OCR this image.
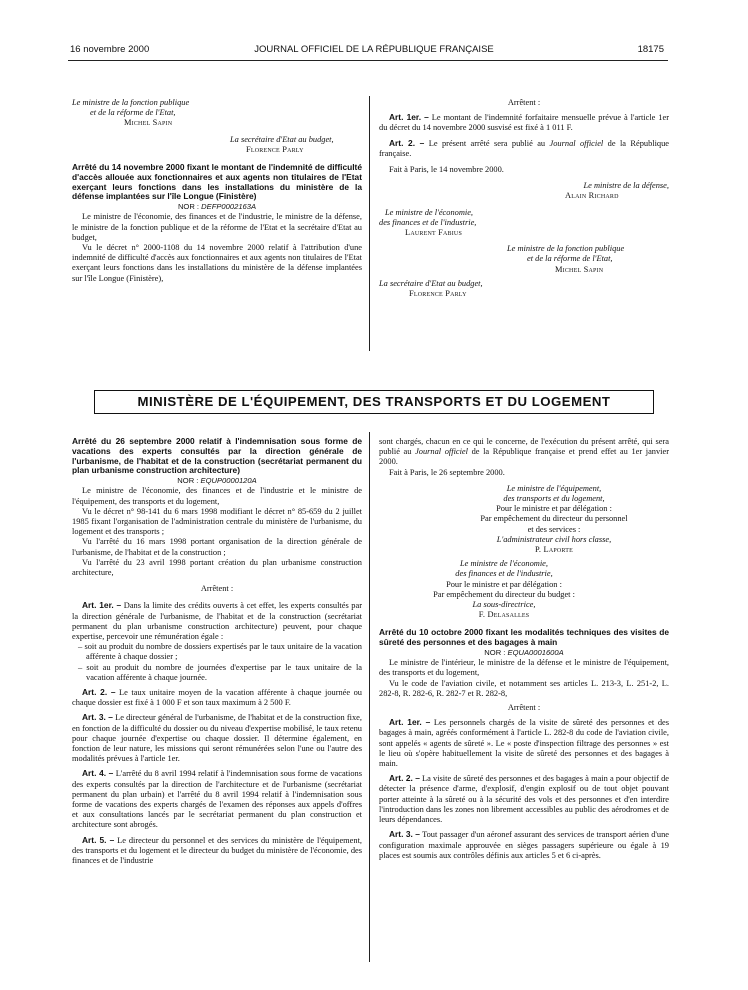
16 novembre 2000	JOURNAL OFFICIEL DE LA RÉPUBLIQUE FRANÇAISE	18175

Le ministre de la fonction publique

et de la réforme de l'Etat,

Michel Sapin

La secrétaire d'Etat au budget,

Florence Parly

Arrêté du 14 novembre 2000 fixant le montant de l'indemnité de difficulté d'accès allouée aux fonctionnaires et aux agents non titulaires de l'Etat exerçant leurs fonctions dans les installations du ministère de la défense implantées sur l'île Longue (Finistère)

NOR : DEFP0002163A

Le ministre de l'économie, des finances et de l'industrie, le ministre de la défense, le ministre de la fonction publique et de la réforme de l'Etat et la secrétaire d'Etat au budget,

Vu le décret n° 2000-1108 du 14 novembre 2000 relatif à l'attribution d'une indemnité de difficulté d'accès aux fonctionnaires et aux agents non titulaires de l'Etat exerçant leurs fonctions dans les installations du ministère de la défense implantées sur l'île Longue (Finistère),

Arrêtent :

Art. 1er. – Le montant de l'indemnité forfaitaire mensuelle prévue à l'article 1er du décret du 14 novembre 2000 susvisé est fixé à 1 011 F.

Art. 2. – Le présent arrêté sera publié au Journal officiel de la République française.

Fait à Paris, le 14 novembre 2000.

Le ministre de la défense,

Alain Richard

Le ministre de l'économie,

des finances et de l'industrie,

Laurent Fabius

Le ministre de la fonction publique

et de la réforme de l'Etat,

Michel Sapin

La secrétaire d'Etat au budget,

Florence Parly

MINISTÈRE DE L'ÉQUIPEMENT, DES TRANSPORTS ET DU LOGEMENT

Arrêté du 26 septembre 2000 relatif à l'indemnisation sous forme de vacations des experts consultés par la direction générale de l'urbanisme, de l'habitat et de la construction (secrétariat permanent du plan urbanisme construction architecture)

NOR : EQUP0000120A

Le ministre de l'économie, des finances et de l'industrie et le ministre de l'équipement, des transports et du logement,

Vu le décret n° 98-141 du 6 mars 1998 modifiant le décret n° 85-659 du 2 juillet 1985 fixant l'organisation de l'administration centrale du ministère de l'urbanisme, du logement et des transports ;

Vu l'arrêté du 16 mars 1998 portant organisation de la direction générale de l'urbanisme, de l'habitat et de la construction ;

Vu l'arrêté du 23 avril 1998 portant création du plan urbanisme construction architecture,

Arrêtent :

Art. 1er. – Dans la limite des crédits ouverts à cet effet, les experts consultés par la direction générale de l'urbanisme, de l'habitat et de la construction (secrétariat permanent du plan urbanisme construction architecture) peuvent, pour chaque expertise, percevoir une rémunération égale :

– soit au produit du nombre de dossiers expertisés par le taux unitaire de la vacation afférente à chaque dossier ;

– soit au produit du nombre de journées d'expertise par le taux unitaire de la vacation afférente à chaque journée.

Art. 2. – Le taux unitaire moyen de la vacation afférente à chaque journée ou chaque dossier est fixé à 1 000 F et son taux maximum à 2 500 F.

Art. 3. – Le directeur général de l'urbanisme, de l'habitat et de la construction fixe, en fonction de la difficulté du dossier ou du niveau d'expertise mobilisé, le taux retenu pour chaque journée d'expertise ou chaque dossier. Il détermine également, en fonction de leur nature, les missions qui seront rémunérées selon l'une ou l'autre des modalités prévues à l'article 1er.

Art. 4. – L'arrêté du 8 avril 1994 relatif à l'indemnisation sous forme de vacations des experts consultés par la direction de l'architecture et de l'urbanisme (secrétariat permanent du plan urbain) et l'arrêté du 8 avril 1994 relatif à l'indemnisation sous forme de vacations des experts chargés de l'examen des réponses aux appels d'offres et aux consultations lancés par le secrétariat permanent du plan construction et architecture sont abrogés.

Art. 5. – Le directeur du personnel et des services du ministère de l'équipement, des transports et du logement et le directeur du budget du ministère de l'économie, des finances et de l'industrie

sont chargés, chacun en ce qui le concerne, de l'exécution du présent arrêté, qui sera publié au Journal officiel de la République française et prend effet au 1er janvier 2000.

Fait à Paris, le 26 septembre 2000.

Le ministre de l'équipement,

des transports et du logement,

Pour le ministre et par délégation :

Par empêchement du directeur du personnel

et des services :

L'administrateur civil hors classe,

P. Laporte

Le ministre de l'économie,

des finances et de l'industrie,

Pour le ministre et par délégation :

Par empêchement du directeur du budget :

La sous-directrice,

F. Delasalles

Arrêté du 10 octobre 2000 fixant les modalités techniques des visites de sûreté des personnes et des bagages à main

NOR : EQUA0001600A

Le ministre de l'intérieur, le ministre de la défense et le ministre de l'équipement, des transports et du logement,

Vu le code de l'aviation civile, et notamment ses articles L. 213-3, L. 251-2, L. 282-8, R. 282-6, R. 282-7 et R. 282-8,

Arrêtent :

Art. 1er. – Les personnels chargés de la visite de sûreté des personnes et des bagages à main, agréés conformément à l'article L. 282-8 du code de l'aviation civile, sont appelés « agents de sûreté ». Le « poste d'inspection filtrage des personnes » est le lieu où s'opère habituellement la visite de sûreté des personnes et des bagages à main.

Art. 2. – La visite de sûreté des personnes et des bagages à main a pour objectif de détecter la présence d'arme, d'explosif, d'engin explosif ou de tout objet pouvant porter atteinte à la sûreté ou à la sécurité des vols et des personnes et d'en interdire l'introduction dans les zones non librement accessibles au public des aérodromes et de leurs dépendances.

Art. 3. – Tout passager d'un aéronef assurant des services de transport aérien d'une configuration maximale approuvée en sièges passagers supérieure ou égale à 19 places est soumis aux contrôles définis aux articles 5 et 6 ci-après.
